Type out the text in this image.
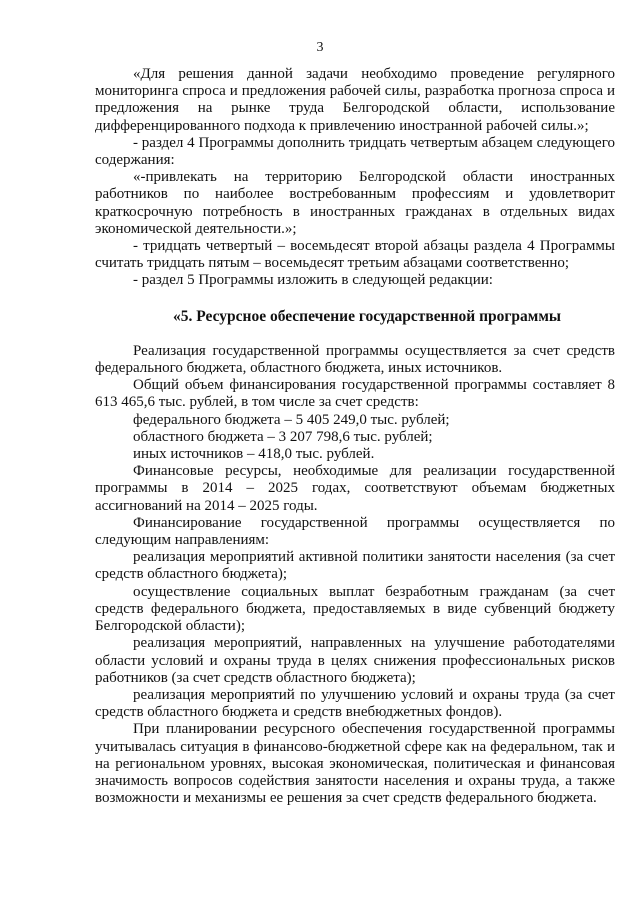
3

«Для решения данной задачи необходимо проведение регулярного мониторинга спроса и предложения рабочей силы, разработка прогноза спроса и предложения на рынке труда Белгородской области, использование дифференцированного подхода к привлечению иностранной рабочей силы.»;

- раздел 4 Программы дополнить тридцать четвертым абзацем следующего содержания:

«-привлекать на территорию Белгородской области иностранных работников по наиболее востребованным профессиям и удовлетворит краткосрочную потребность в иностранных гражданах в отдельных видах экономической деятельности.»;

- тридцать четвертый – восемьдесят второй абзацы раздела 4 Программы считать тридцать пятым – восемьдесят третьим абзацами соответственно;

- раздел 5 Программы изложить в следующей редакции:

«5. Ресурсное обеспечение государственной программы

Реализация государственной программы осуществляется за счет средств федерального бюджета, областного бюджета, иных источников.

Общий объем финансирования государственной программы составляет 8 613 465,6 тыс. рублей, в том числе за счет средств:

федерального бюджета – 5 405 249,0 тыс. рублей;

областного бюджета – 3 207 798,6 тыс. рублей;

иных источников – 418,0 тыс. рублей.

Финансовые ресурсы, необходимые для реализации государственной программы в 2014 – 2025 годах, соответствуют объемам бюджетных ассигнований на 2014 – 2025 годы.

Финансирование государственной программы осуществляется по следующим направлениям:

реализация мероприятий активной политики занятости населения (за счет средств областного бюджета);

осуществление социальных выплат безработным гражданам (за счет средств федерального бюджета, предоставляемых в виде субвенций бюджету Белгородской области);

реализация мероприятий, направленных на улучшение работодателями области условий и охраны труда в целях снижения профессиональных рисков работников (за счет средств областного бюджета);

реализация мероприятий по улучшению условий и охраны труда (за счет средств областного бюджета и средств внебюджетных фондов).

При планировании ресурсного обеспечения государственной программы учитывалась ситуация в финансово-бюджетной сфере как на федеральном, так и на региональном уровнях, высокая экономическая, политическая и финансовая значимость вопросов содействия занятости населения и охраны труда, а также возможности и механизмы ее решения за счет средств федерального бюджета.
